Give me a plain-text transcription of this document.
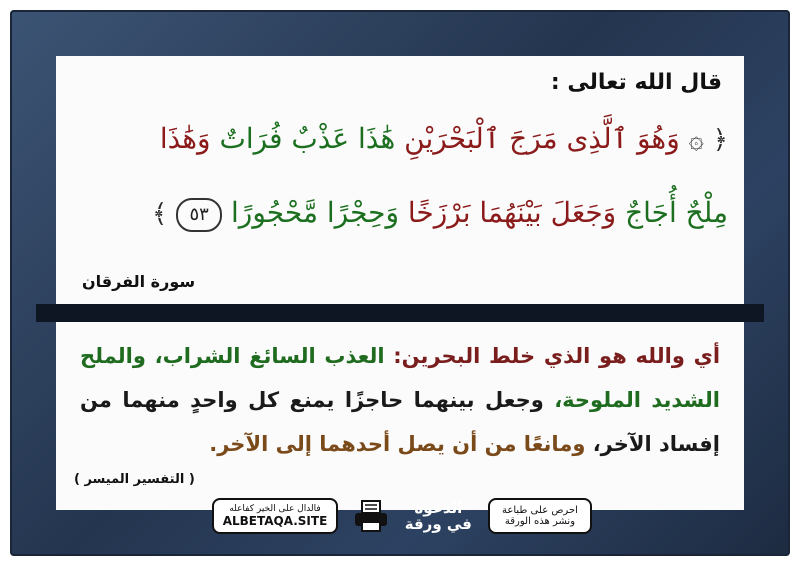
قال الله تعالى :
﴿ ۞ وَهُوَ ٱلَّذِى مَرَجَ ٱلْبَحْرَيْنِ هَٰذَا عَذْبٌ فُرَاتٌ وَهَٰذَا
مِلْحٌ أُجَاجٌ وَجَعَلَ بَيْنَهُمَا بَرْزَخًا وَحِجْرًا مَّحْجُورًا ٥٣ ﴾
سورة الفرقان
أي والله هو الذي خلط البحرين: العذب السائغ الشراب، والملح الشديد الملوحة، وجعل بينهما حاجزًا يمنع كل واحدٍ منهما من إفساد الآخر، ومانعًا من أن يصل أحدهما إلى الآخر.
( التفسير الميسر )
فالدال على الخير كفاعله
ALBETAQA.SITE
الدعوة
في ورقة
احرص على طباعة
ونشر هذه الورقة
